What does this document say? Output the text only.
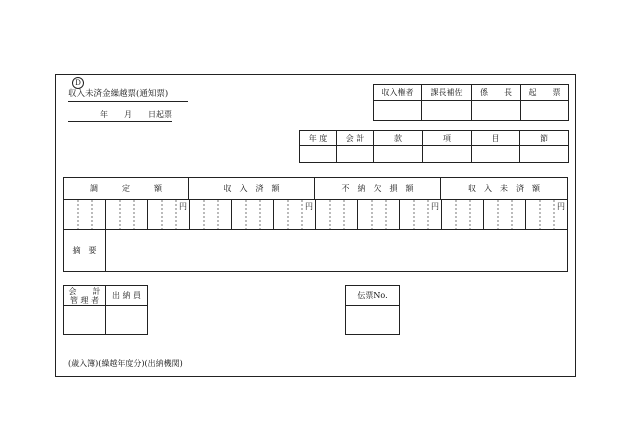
D
収入未済金繰越票(通知票)
年　　月　　日起票
収入権者	課長補佐	係　　長	起　　票

年 度	会 計	款	項	目	節

調　　　定　　　額	収　入　済　額	不　納　欠　損　額	収　入　未　済　額
円	円	円	円
摘　要
会　　計
管 理 者	出 納 員
		伝票No.

(歳入簿)(繰越年度分)(出納機関)
